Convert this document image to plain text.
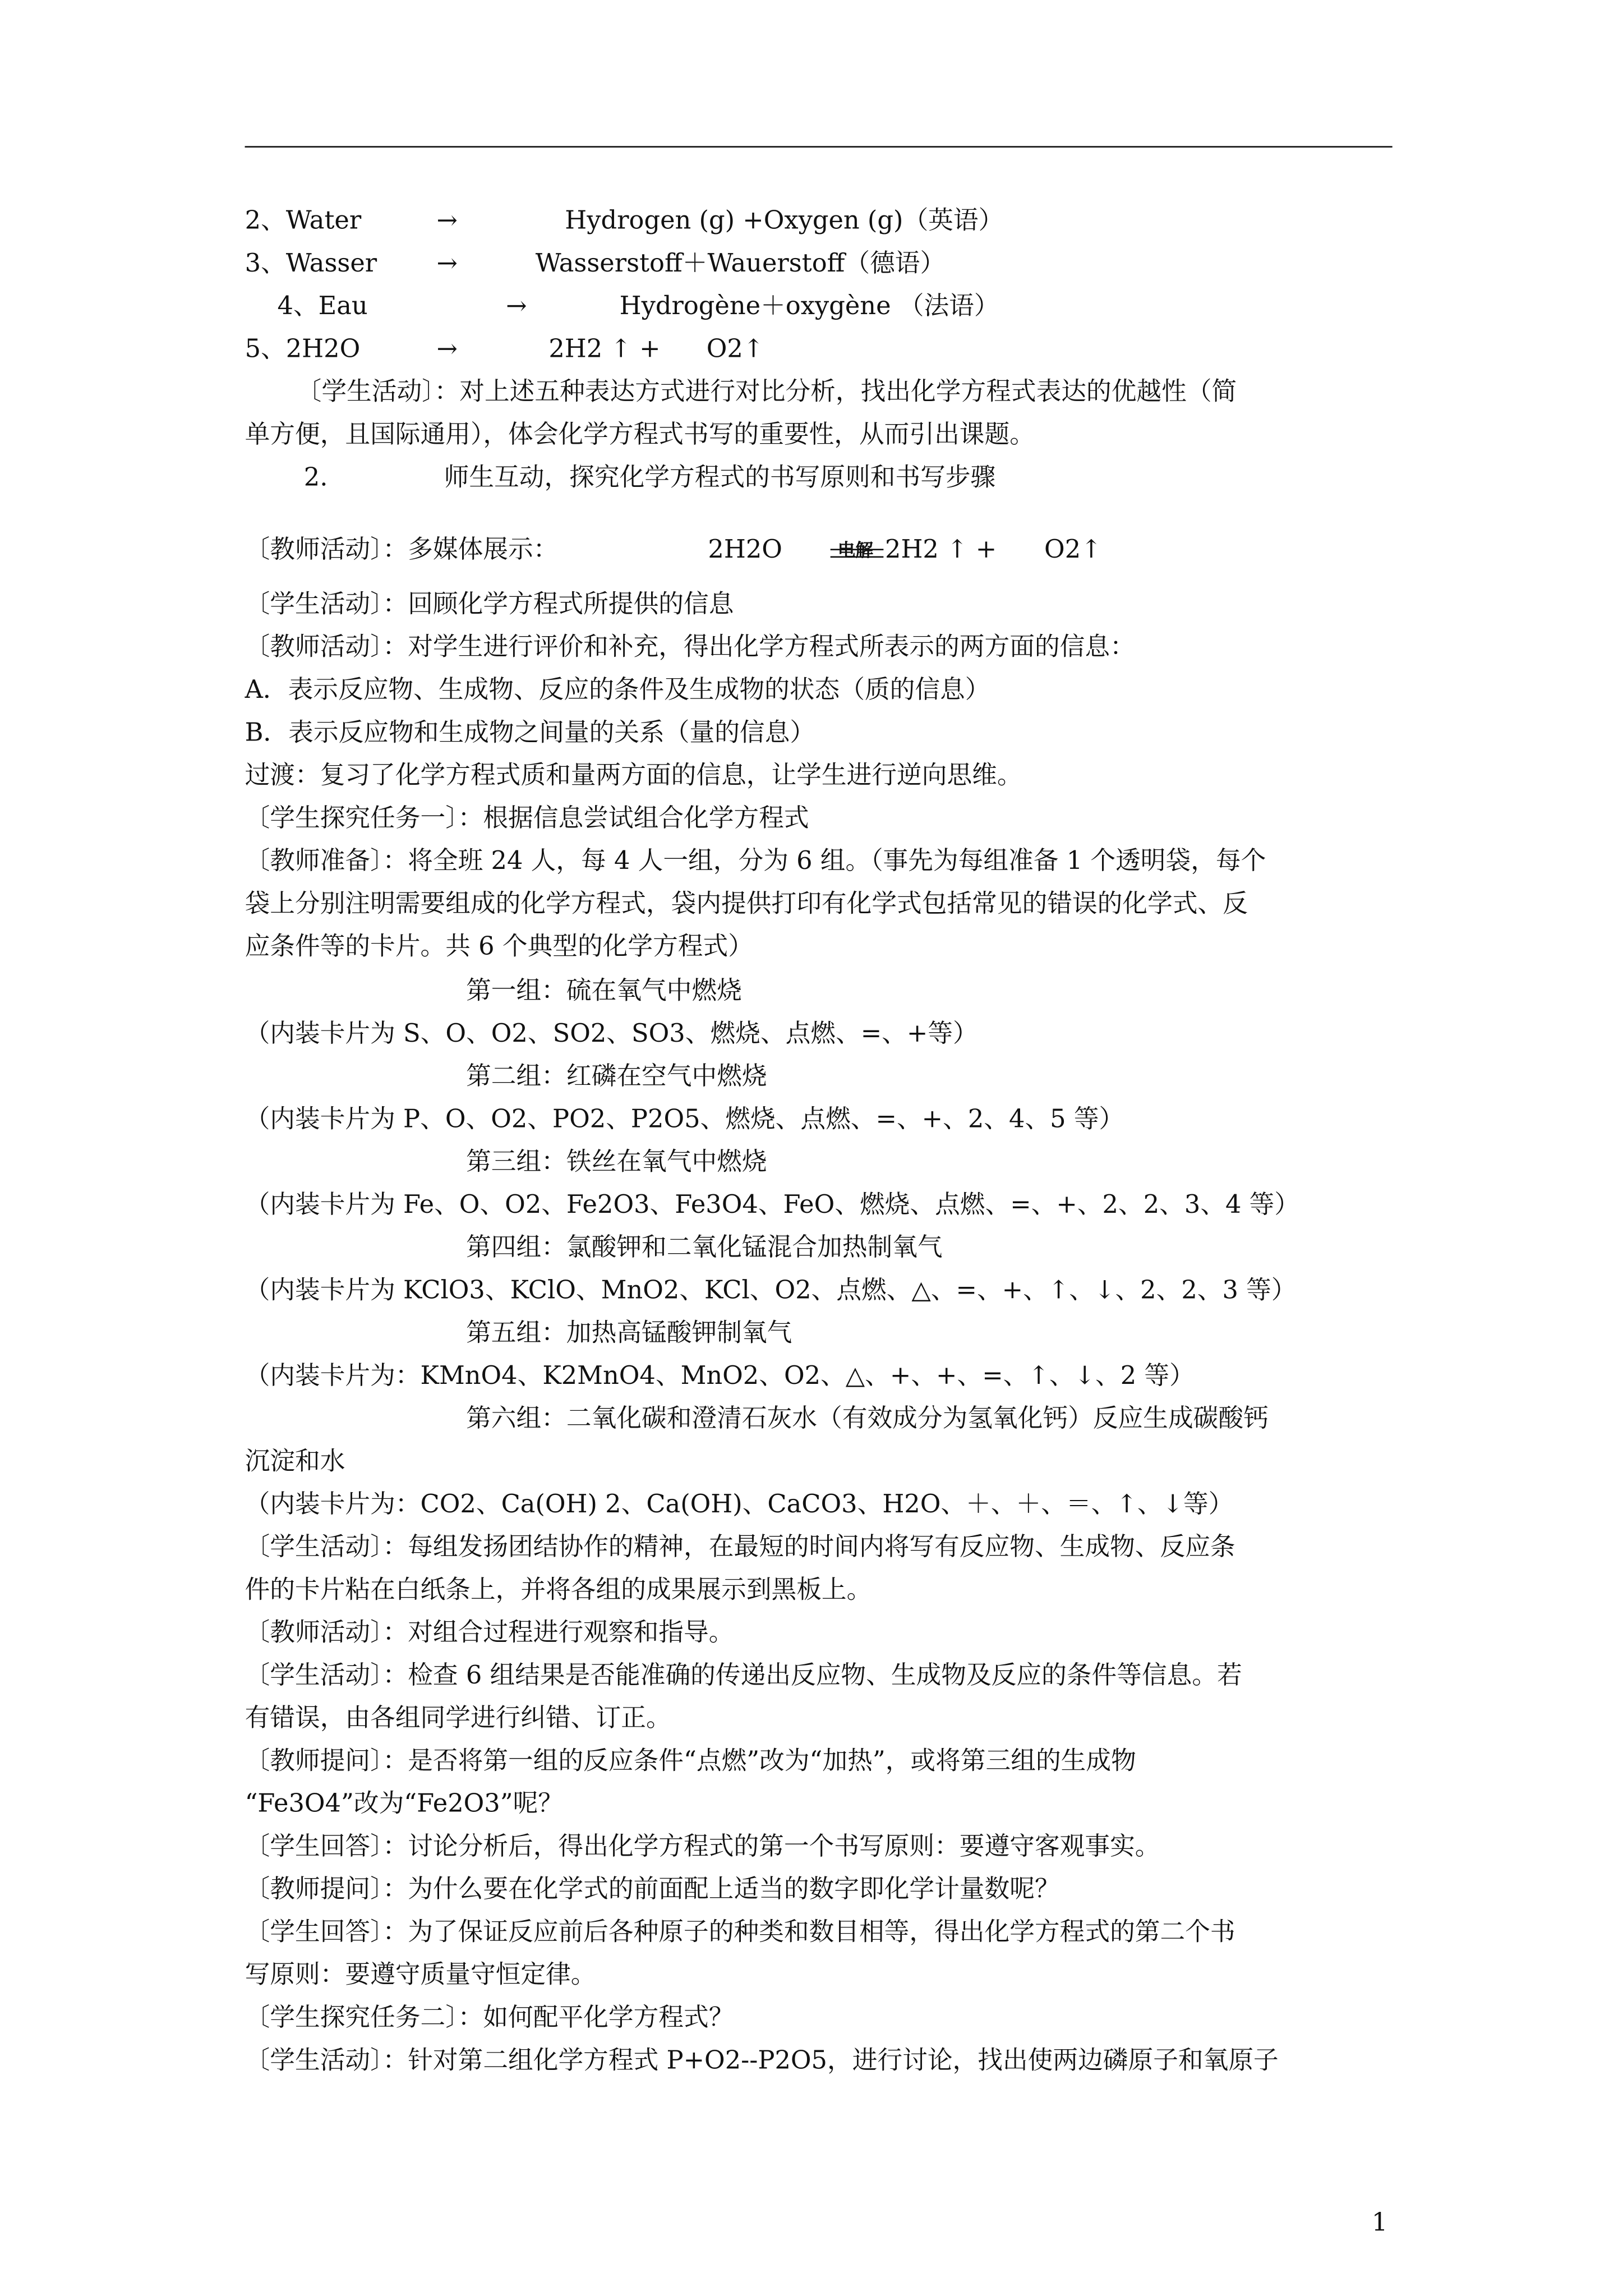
2、Water	→	Hydrogen (g) +Oxygen (g)（英语）
3、Wasser	→	Wasserstoff＋Wauerstoff（德语）
4、Eau	→	Hydrogène＋oxygène （法语）
5、2H2O	→	2H2 ↑ +	O2↑
〔学生活动〕：对上述五种表达方式进行对比分析，找出化学方程式表达的优越性（简
单方便，且国际通用），体会化学方程式书写的重要性，从而引出课题。
2.	师生互动，探究化学方程式的书写原则和书写步骤
〔教师活动〕：多媒体展示：	2H2O	电解	2H2 ↑ +	O2↑
〔学生活动〕：回顾化学方程式所提供的信息
〔教师活动〕：对学生进行评价和补充，得出化学方程式所表示的两方面的信息：
A．表示反应物、生成物、反应的条件及生成物的状态（质的信息）
B．表示反应物和生成物之间量的关系（量的信息）
过渡：复习了化学方程式质和量两方面的信息，让学生进行逆向思维。
〔学生探究任务一〕：根据信息尝试组合化学方程式
〔教师准备〕：将全班 24 人，每 4 人一组，分为 6 组。（事先为每组准备 1 个透明袋，每个
袋上分别注明需要组成的化学方程式，袋内提供打印有化学式包括常见的错误的化学式、反
应条件等的卡片。共 6 个典型的化学方程式）
第一组：硫在氧气中燃烧
（内装卡片为 S、O、O2、SO2、SO3、燃烧、点燃、=、+等）
第二组：红磷在空气中燃烧
（内装卡片为 P、O、O2、PO2、P2O5、燃烧、点燃、=、+、2、4、5 等）
第三组：铁丝在氧气中燃烧
（内装卡片为 Fe、O、O2、Fe2O3、Fe3O4、FeO、燃烧、点燃、=、+、2、2、3、4 等）
第四组：氯酸钾和二氧化锰混合加热制氧气
（内装卡片为 KClO3、KClO、MnO2、KCl、O2、点燃、△、=、+、↑、↓、2、2、3 等）
第五组：加热高锰酸钾制氧气
（内装卡片为：KMnO4、K2MnO4、MnO2、O2、△、+、+、=、↑、↓、2 等）
第六组：二氧化碳和澄清石灰水（有效成分为氢氧化钙）反应生成碳酸钙
沉淀和水
（内装卡片为：CO2、Ca(OH) 2、Ca(OH)、CaCO3、H2O、＋、＋、＝、↑、↓等）
〔学生活动〕：每组发扬团结协作的精神，在最短的时间内将写有反应物、生成物、反应条
件的卡片粘在白纸条上，并将各组的成果展示到黑板上。
〔教师活动〕：对组合过程进行观察和指导。
〔学生活动〕：检查 6 组结果是否能准确的传递出反应物、生成物及反应的条件等信息。若
有错误，由各组同学进行纠错、订正。
〔教师提问〕：是否将第一组的反应条件“点燃”改为“加热”，或将第三组的生成物
“Fe3O4”改为“Fe2O3”呢？
〔学生回答〕：讨论分析后，得出化学方程式的第一个书写原则：要遵守客观事实。
〔教师提问〕：为什么要在化学式的前面配上适当的数字即化学计量数呢？
〔学生回答〕：为了保证反应前后各种原子的种类和数目相等，得出化学方程式的第二个书
写原则：要遵守质量守恒定律。
〔学生探究任务二〕：如何配平化学方程式？
〔学生活动〕：针对第二组化学方程式 P+O2--P2O5，进行讨论，找出使两边磷原子和氧原子
1
